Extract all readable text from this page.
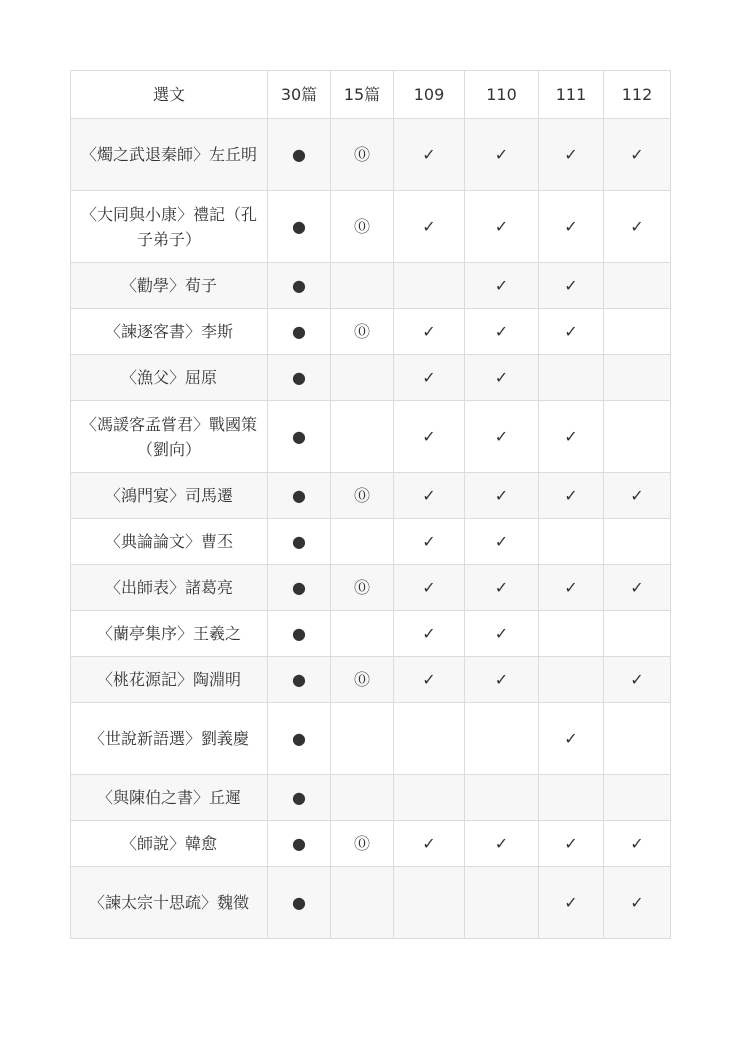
選文	30篇	15篇	109	110	111	112
〈燭之武退秦師〉左丘明	●	⓪	✓	✓	✓	✓
〈大同與小康〉禮記（孔子弟子）	●	⓪	✓	✓	✓	✓
〈勸學〉荀子	●			✓	✓	
〈諫逐客書〉李斯	●	⓪	✓	✓	✓	
〈漁父〉屈原	●		✓	✓		
〈馮諼客孟嘗君〉戰國策（劉向）	●		✓	✓	✓	
〈鴻門宴〉司馬遷	●	⓪	✓	✓	✓	✓
〈典論論文〉曹丕	●		✓	✓		
〈出師表〉諸葛亮	●	⓪	✓	✓	✓	✓
〈蘭亭集序〉王羲之	●		✓	✓		
〈桃花源記〉陶淵明	●	⓪	✓	✓		✓
〈世說新語選〉劉義慶	●				✓	
〈與陳伯之書〉丘遲	●					
〈師說〉韓愈	●	⓪	✓	✓	✓	✓
〈諫太宗十思疏〉魏徵	●				✓	✓
